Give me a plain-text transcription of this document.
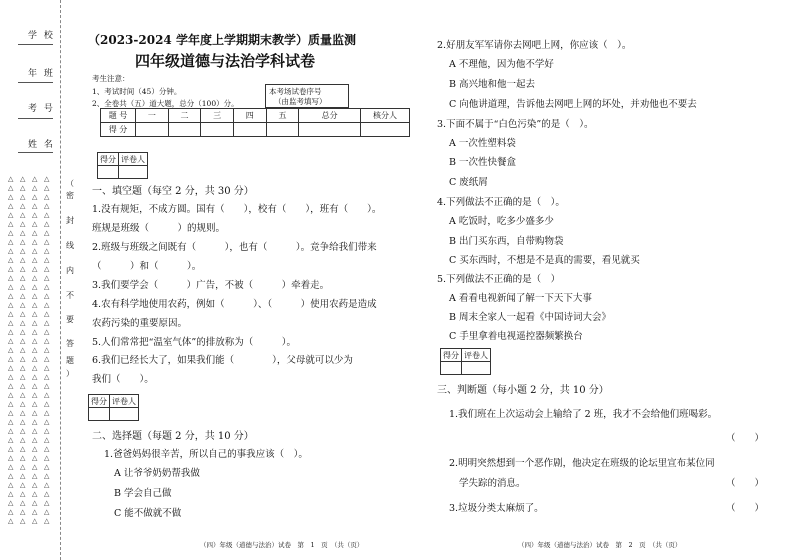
学 校
年 班
考 号
姓 名
△ △ △ △
△ △ △ △
△ △ △ △
△ △ △ △
△ △ △ △
△ △ △ △
△ △ △ △
△ △ △ △
△ △ △ △
△ △ △ △
△ △ △ △
△ △ △ △
△ △ △ △
△ △ △ △
△ △ △ △
△ △ △ △
△ △ △ △
△ △ △ △
△ △ △ △
△ △ △ △
△ △ △ △
△ △ △ △
△ △ △ △
△ △ △ △
△ △ △ △
△ △ △ △
△ △ △ △
△ △ △ △
△ △ △ △
△ △ △ △
△ △ △ △
△ △ △ △
△ △ △ △
△ △ △ △
△ △ △ △
△ △ △ △
△ △ △ △
△ △ △ △
△ △ △ △
（
密
封
线
内
不
要
答
题
）
（2023-2024 学年度上学期期末教学）质量监测
四年级道德与法治学科试卷
考生注意：
1、考试时间（45）分钟。
2、全卷共（五）道大题，总分（100）分。
本考场试卷序号
（由监考填写）
题 号	一	二	三	四	五	总分	核分人
得 分							
得分	评卷人

一、填空题（每空 2 分，共 30 分）
1.没有规矩，不成方圆。国有（　　），校有（　　），班有（　　）。
班规是班级（　　　）的规则。
2.班级与班级之间既有（　　　），也有（　　　）。竞争给我们带来
（　　　）和（　　　）。
3.我们要学会（　　　）广告，不被（　　　）牵着走。
4.农有科学地使用农药，例如（　　　）、（　　　）使用农药是造成
农药污染的重要原因。
5.人们常常把“温室气体”的排放称为（　　　）。
6.我们已经长大了，如果我们能（　　　　），父母就可以少为
我们（　　）。
得分	评卷人

二、选择题（每题 2 分，共 10 分）
1.爸爸妈妈很辛苦，所以自己的事我应该（　）。
A 让爷爷奶奶帮我做
B 学会自己做
C 能不做就不做
2.好朋友军军请你去网吧上网，你应该（　）。
A 不理他，因为他不学好
B 高兴地和他一起去
C 向他讲道理，告诉他去网吧上网的坏处，并劝他也不要去
3.下面不属于“白色污染”的是（　）。
A 一次性塑料袋
B 一次性快餐盒
C 废纸屑
4.下列做法不正确的是（　）。
A 吃饭时，吃多少盛多少
B 出门买东西，自带购物袋
C 买东西时，不想是不是真的需要，看见就买
5.下列做法不正确的是（　）
A 看看电视新闻了解一下天下大事
B 周末全家人一起看《中国诗词大会》
C 手里拿着电视遥控器频繁换台
得分	评卷人

三、判断题（每小题 2 分，共 10 分）
1.我们班在上次运动会上输给了 2 班，我才不会给他们班喝彩。
（　　）
2.明明突然想到一个恶作剧，他决定在班级的论坛里宣布某位同
学失踪的消息。	（　　）
3.垃圾分类太麻烦了。	（　　）
（四）年级（道德与法治）试卷　第　1　页　（共（页）	（四）年级（道德与法治）试卷　第　2　页　（共（页）
